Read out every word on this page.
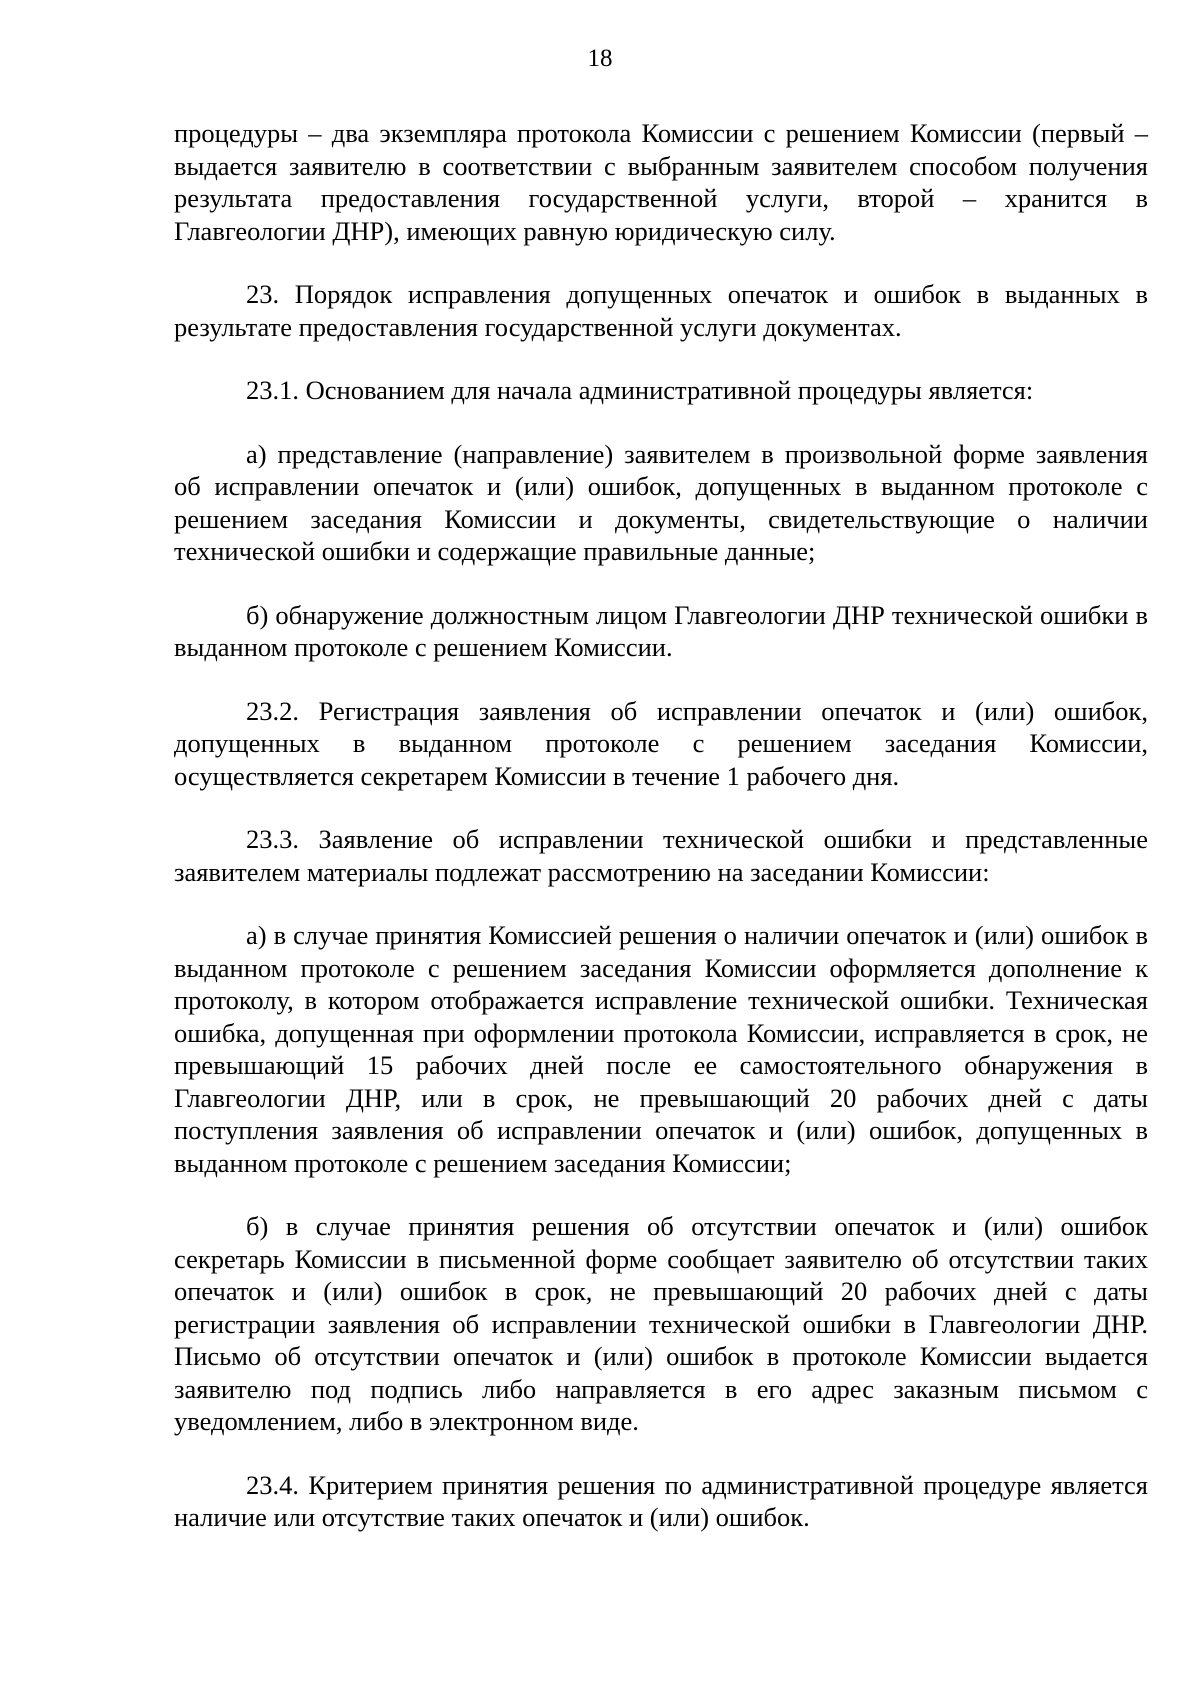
18

процедуры – два экземпляра протокола Комиссии с решением Комиссии (первый – выдается заявителю в соответствии с выбранным заявителем способом получения результата предоставления государственной услуги, второй – хранится в Главгеологии ДНР), имеющих равную юридическую силу.

23. Порядок исправления допущенных опечаток и ошибок в выданных в результате предоставления государственной услуги документах.

23.1. Основанием для начала административной процедуры является:

а) представление (направление) заявителем в произвольной форме заявления об исправлении опечаток и (или) ошибок, допущенных в выданном протоколе с решением заседания Комиссии и документы, свидетельствующие о наличии технической ошибки и содержащие правильные данные;

б) обнаружение должностным лицом Главгеологии ДНР технической ошибки в выданном протоколе с решением Комиссии.

23.2. Регистрация заявления об исправлении опечаток и (или) ошибок, допущенных в выданном протоколе с решением заседания Комиссии, осуществляется секретарем Комиссии в течение 1 рабочего дня.

23.3. Заявление об исправлении технической ошибки и представленные заявителем материалы подлежат рассмотрению на заседании Комиссии:

а) в случае принятия Комиссией решения о наличии опечаток и (или) ошибок в выданном протоколе с решением заседания Комиссии оформляется дополнение к протоколу, в котором отображается исправление технической ошибки. Техническая ошибка, допущенная при оформлении протокола Комиссии, исправляется в срок, не превышающий 15 рабочих дней после ее самостоятельного обнаружения в Главгеологии ДНР, или в срок, не превышающий 20 рабочих дней с даты поступления заявления об исправлении опечаток и (или) ошибок, допущенных в выданном протоколе с решением заседания Комиссии;

б) в случае принятия решения об отсутствии опечаток и (или) ошибок секретарь Комиссии в письменной форме сообщает заявителю об отсутствии таких опечаток и (или) ошибок в срок, не превышающий 20 рабочих дней с даты регистрации заявления об исправлении технической ошибки в Главгеологии ДНР. Письмо об отсутствии опечаток и (или) ошибок в протоколе Комиссии выдается заявителю под подпись либо направляется в его адрес заказным письмом с уведомлением, либо в электронном виде.

23.4. Критерием принятия решения по административной процедуре является наличие или отсутствие таких опечаток и (или) ошибок.
